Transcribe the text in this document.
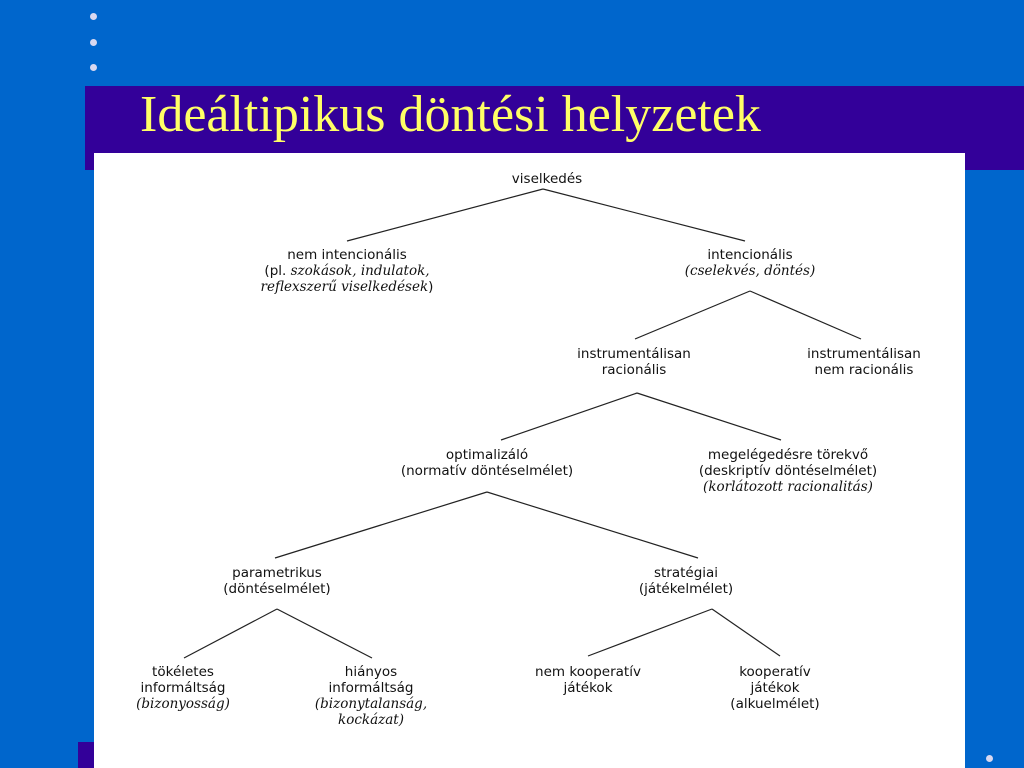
Ideáltipikus döntési helyzetek
viselkedés
nem intencionális
(pl. szokások, indulatok,
reflexszerű viselkedések)
intencionális
(cselekvés, döntés)
instrumentálisan
racionális
instrumentálisan
nem racionális
optimalizáló
(normatív döntéselmélet)
megelégedésre törekvő
(deskriptív döntéselmélet)
(korlátozott racionalitás)
parametrikus
(döntéselmélet)
stratégiai
(játékelmélet)
tökéletes
informáltság
(bizonyosság)
hiányos
informáltság
(bizonytalanság,
kockázat)
nem kooperatív
játékok
kooperatív
játékok
(alkuelmélet)
